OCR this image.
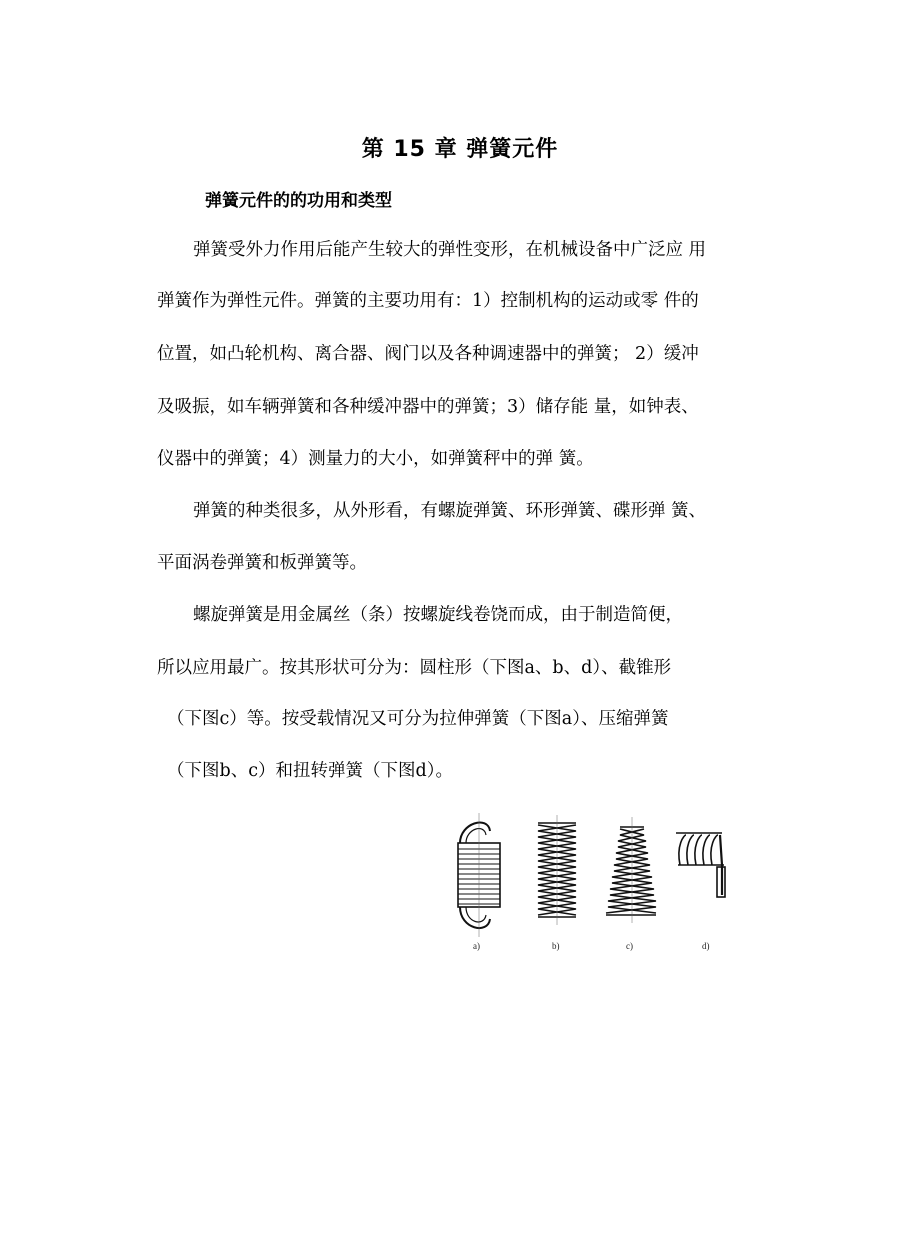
第 15 章 弹簧元件
弹簧元件的的功用和类型
弹簧受外力作用后能产生较大的弹性变形，在机械设备中广泛应 用
弹簧作为弹性元件。弹簧的主要功用有：1）控制机构的运动或零 件的
位置，如凸轮机构、离合器、阀门以及各种调速器中的弹簧； 2）缓冲
及吸振，如车辆弹簧和各种缓冲器中的弹簧；3）储存能 量，如钟表、
仪器中的弹簧；4）测量力的大小，如弹簧秤中的弹 簧。
弹簧的种类很多，从外形看，有螺旋弹簧、环形弹簧、碟形弹 簧、
平面涡卷弹簧和板弹簧等。
螺旋弹簧是用金属丝（条）按螺旋线卷饶而成，由于制造简便，
所以应用最广。按其形状可分为：圆柱形（下图a、b、d）、截锥形
（下图c）等。按受载情况又可分为拉伸弹簧（下图a）、压缩弹簧
（下图b、c）和扭转弹簧（下图d）。
a)	b)	c)	d)
